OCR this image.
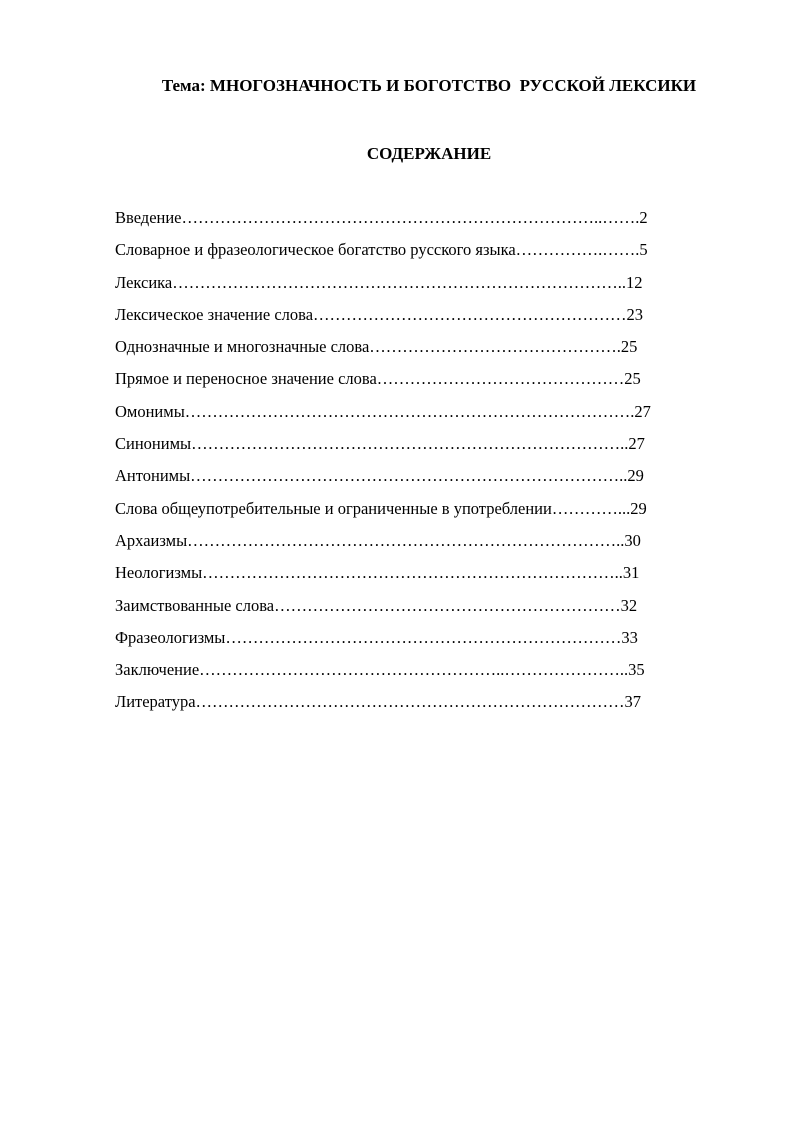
Тема: МНОГОЗНАЧНОСТЬ И БОГОТСТВО  РУССКОЙ ЛЕКСИКИ
СОДЕРЖАНИЕ
Введение…………………………………………………………………..…….2
Словарное и фразеологическое богатство русского языка…………….…….5
Лексика………………………………………………………………………..12
Лексическое значение слова…………………………………………………23
Однозначные и многозначные слова……………………………………….25
Прямое и переносное значение слова………………………………………25
Омонимы……………………………………………………………………….27
Синонимы……………………………………………………………………..27
Антонимы……………………………………………………………………..29
Слова общеупотребительные и ограниченные в употреблении…………...29
Архаизмы……………………………………………………………………..30
Неологизмы…………………………………………………………………..31
Заимствованные слова………………………………………………………32
Фразеологизмы………………………………………………………………33
Заключение………………………………………………..…………………..35
Литература……………………………………………………………………37
